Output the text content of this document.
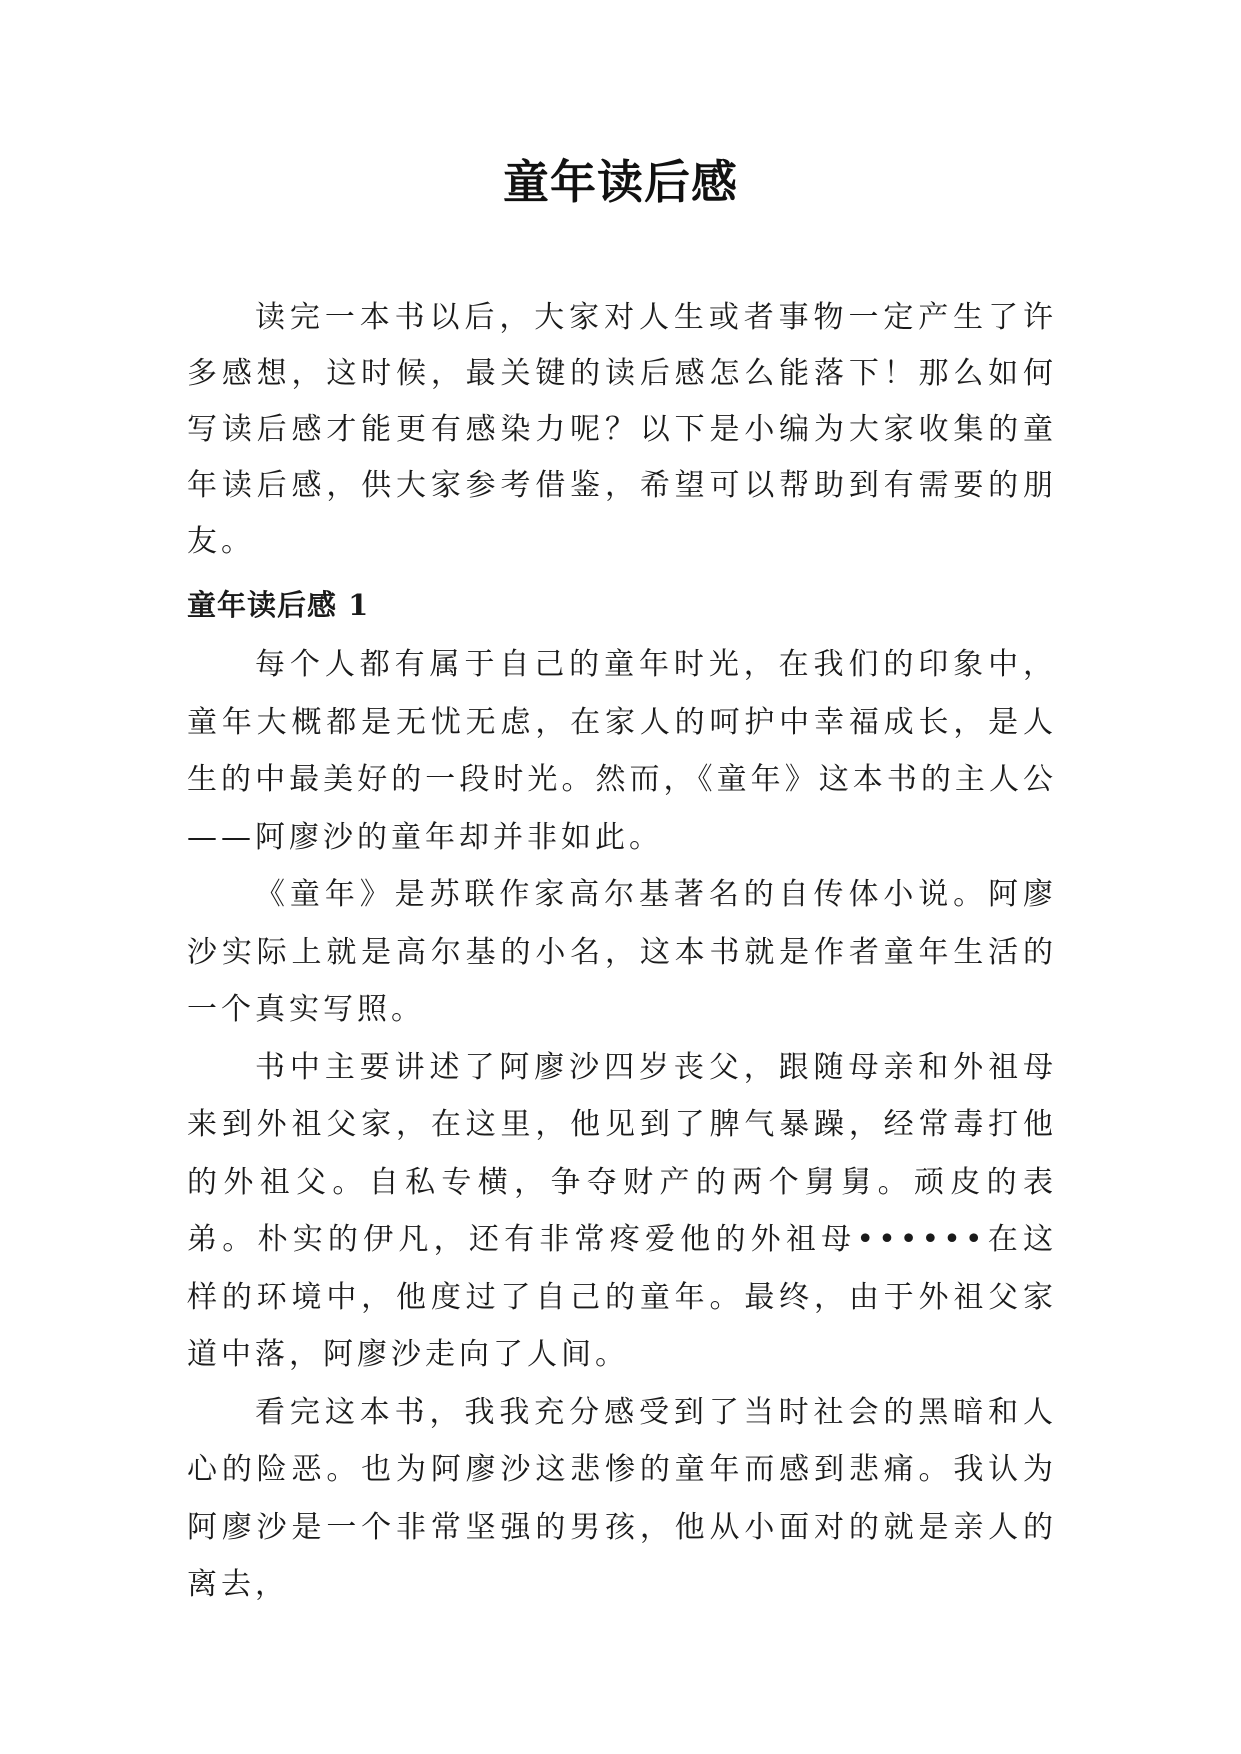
童年读后感

读完一本书以后，大家对人生或者事物一定产生了许多感想，这时候，最关键的读后感怎么能落下！那么如何写读后感才能更有感染力呢？以下是小编为大家收集的童年读后感，供大家参考借鉴，希望可以帮助到有需要的朋友。

童年读后感 1

每个人都有属于自己的童年时光，在我们的印象中，童年大概都是无忧无虑，在家人的呵护中幸福成长，是人生的中最美好的一段时光。然而，《童年》这本书的主人公——阿廖沙的童年却并非如此。

《童年》是苏联作家高尔基著名的自传体小说。阿廖沙实际上就是高尔基的小名，这本书就是作者童年生活的一个真实写照。

书中主要讲述了阿廖沙四岁丧父，跟随母亲和外祖母来到外祖父家，在这里，他见到了脾气暴躁，经常毒打他的外祖父。自私专横，争夺财产的两个舅舅。顽皮的表弟。朴实的伊凡，还有非常疼爱他的外祖母••••••在这样的环境中，他度过了自己的童年。最终，由于外祖父家道中落，阿廖沙走向了人间。

看完这本书，我我充分感受到了当时社会的黑暗和人心的险恶。也为阿廖沙这悲惨的童年而感到悲痛。我认为阿廖沙是一个非常坚强的男孩，他从小面对的就是亲人的离去，
